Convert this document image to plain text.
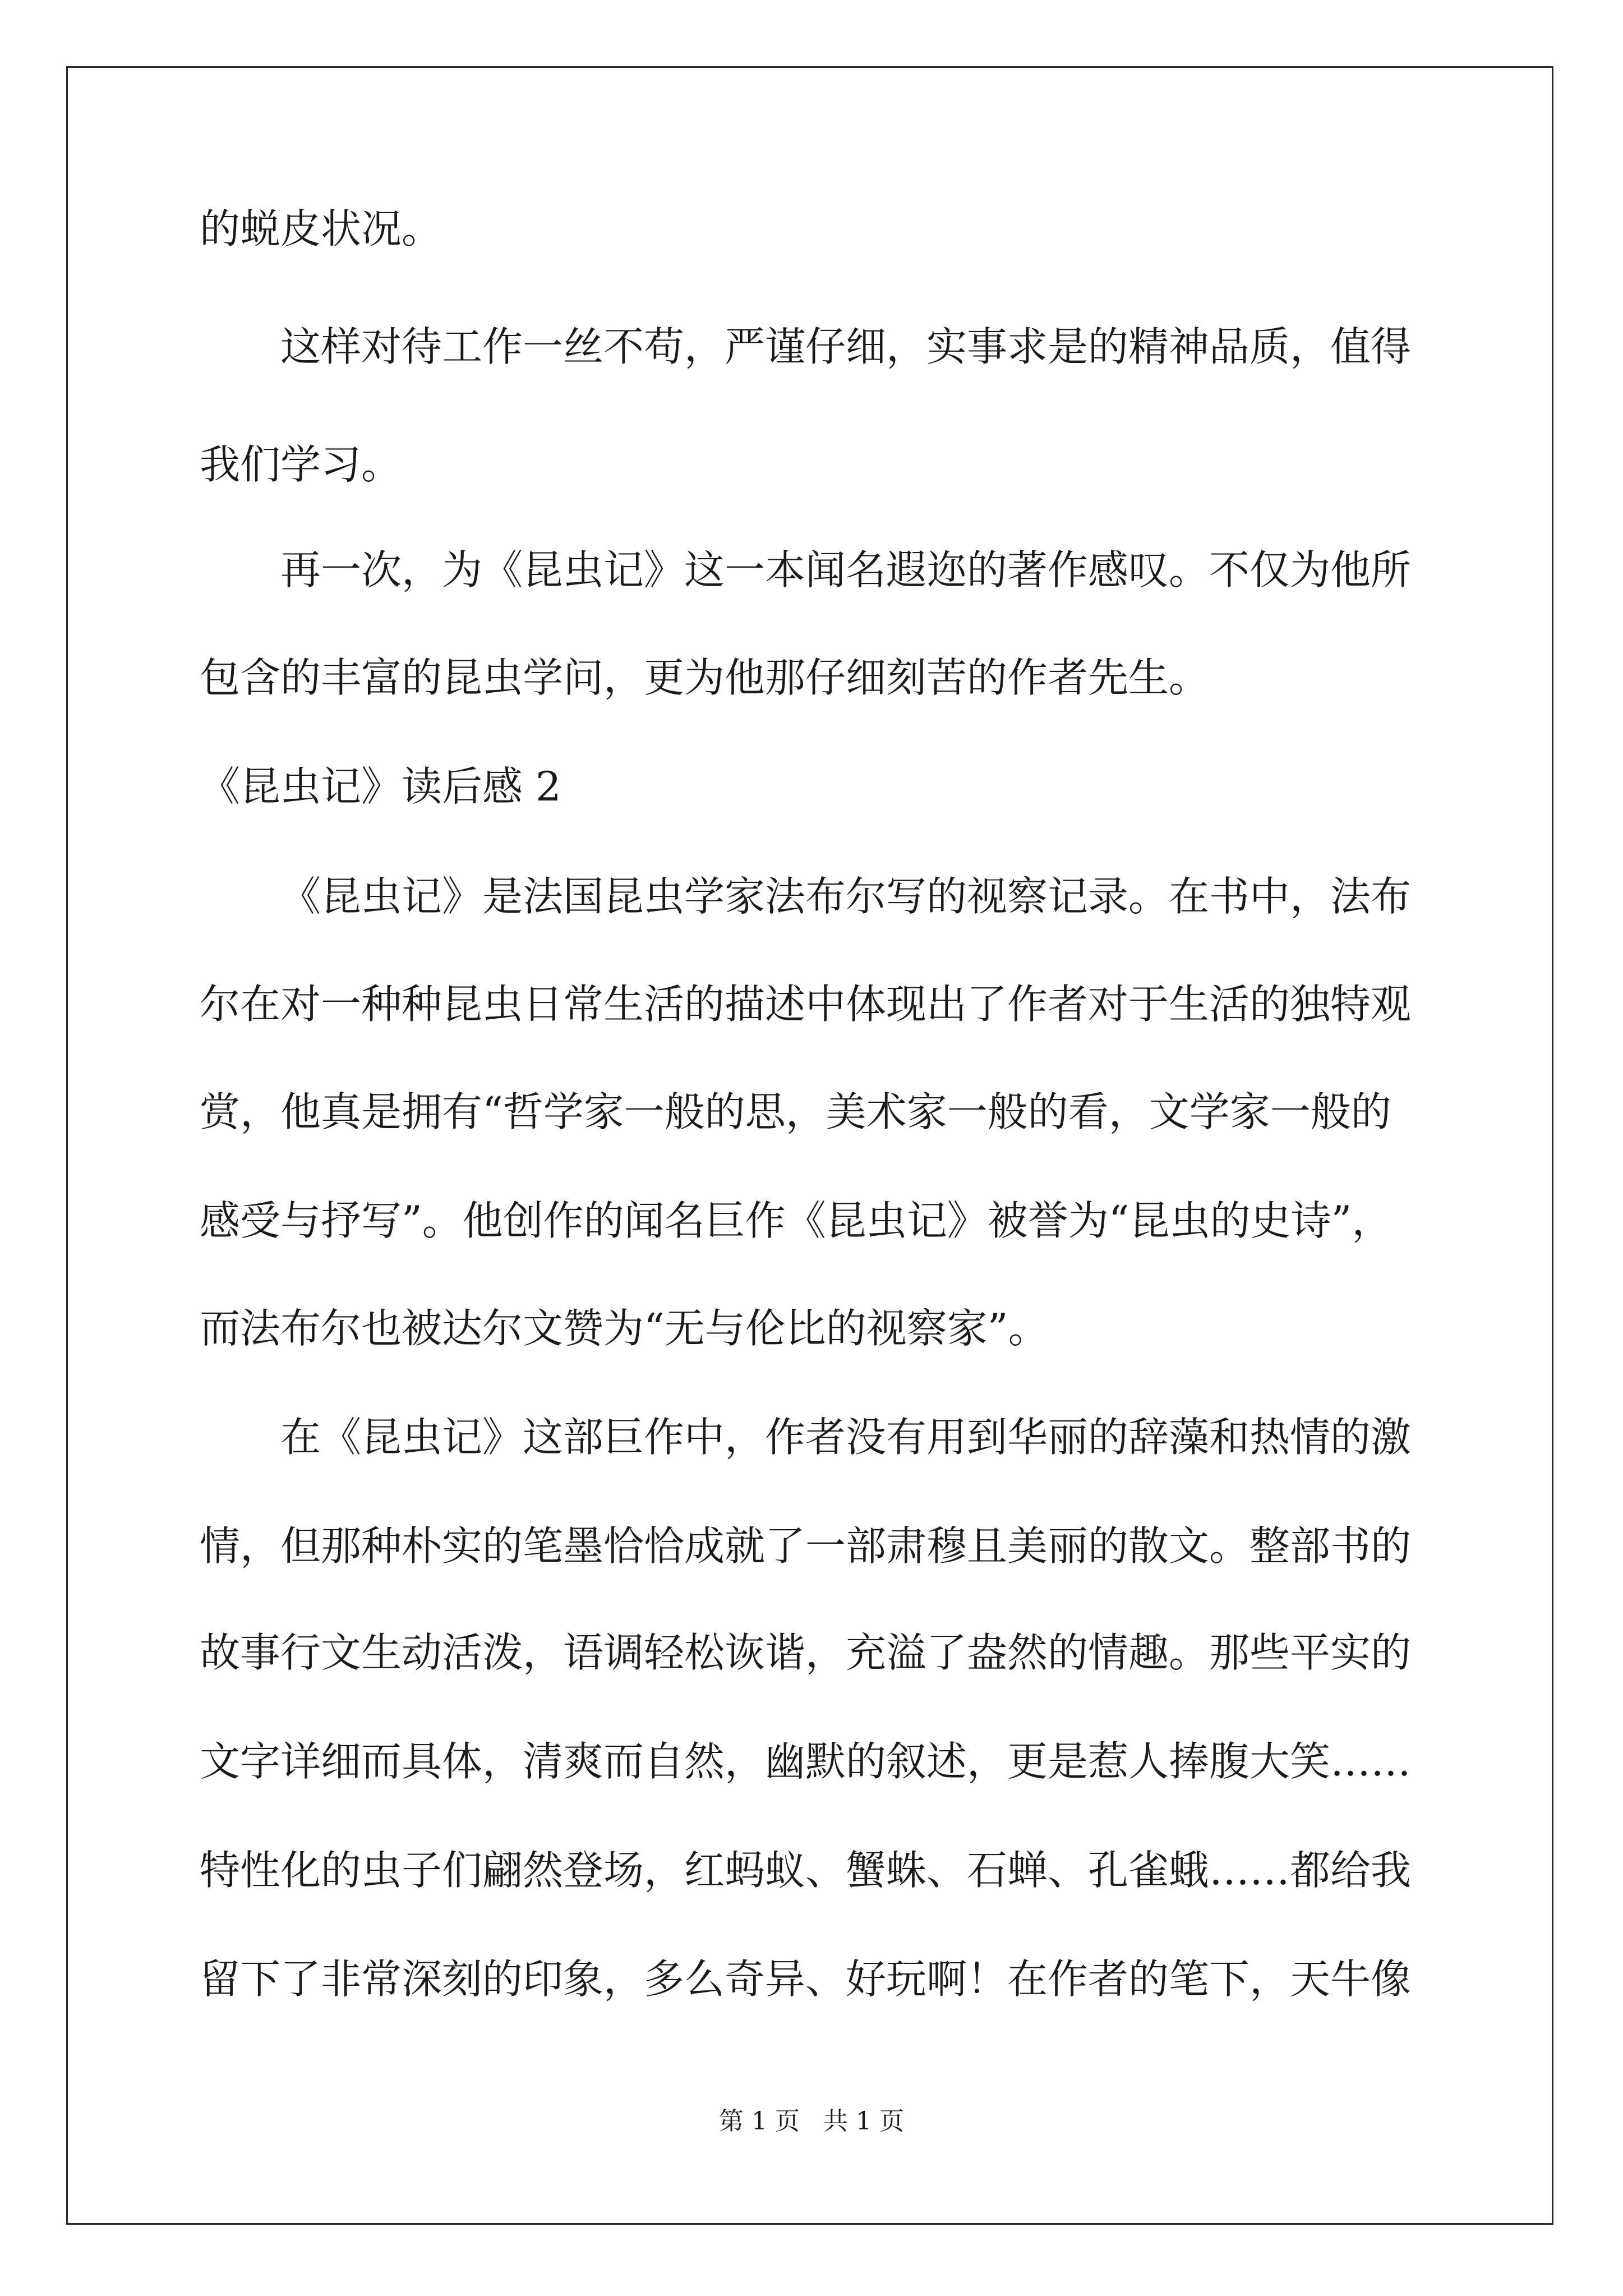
的蜕皮状况。
这样对待工作一丝不苟，严谨仔细，实事求是的精神品质，值得
我们学习。
再一次，为《昆虫记》这一本闻名遐迩的著作感叹。不仅为他所
包含的丰富的昆虫学问，更为他那仔细刻苦的作者先生。
《昆虫记》读后感 2
《昆虫记》是法国昆虫学家法布尔写的视察记录。在书中，法布
尔在对一种种昆虫日常生活的描述中体现出了作者对于生活的独特观
赏，他真是拥有“哲学家一般的思，美术家一般的看，文学家一般的
感受与抒写”。他创作的闻名巨作《昆虫记》被誉为“昆虫的史诗”，
而法布尔也被达尔文赞为“无与伦比的视察家”。
在《昆虫记》这部巨作中，作者没有用到华丽的辞藻和热情的激
情，但那种朴实的笔墨恰恰成就了一部肃穆且美丽的散文。整部书的
故事行文生动活泼，语调轻松诙谐，充溢了盎然的情趣。那些平实的
文字详细而具体，清爽而自然，幽默的叙述，更是惹人捧腹大笑……
特性化的虫子们翩然登场，红蚂蚁、蟹蛛、石蝉、孔雀蛾……都给我
留下了非常深刻的印象，多么奇异、好玩啊！在作者的笔下，天牛像
第 1 页 共 1 页
